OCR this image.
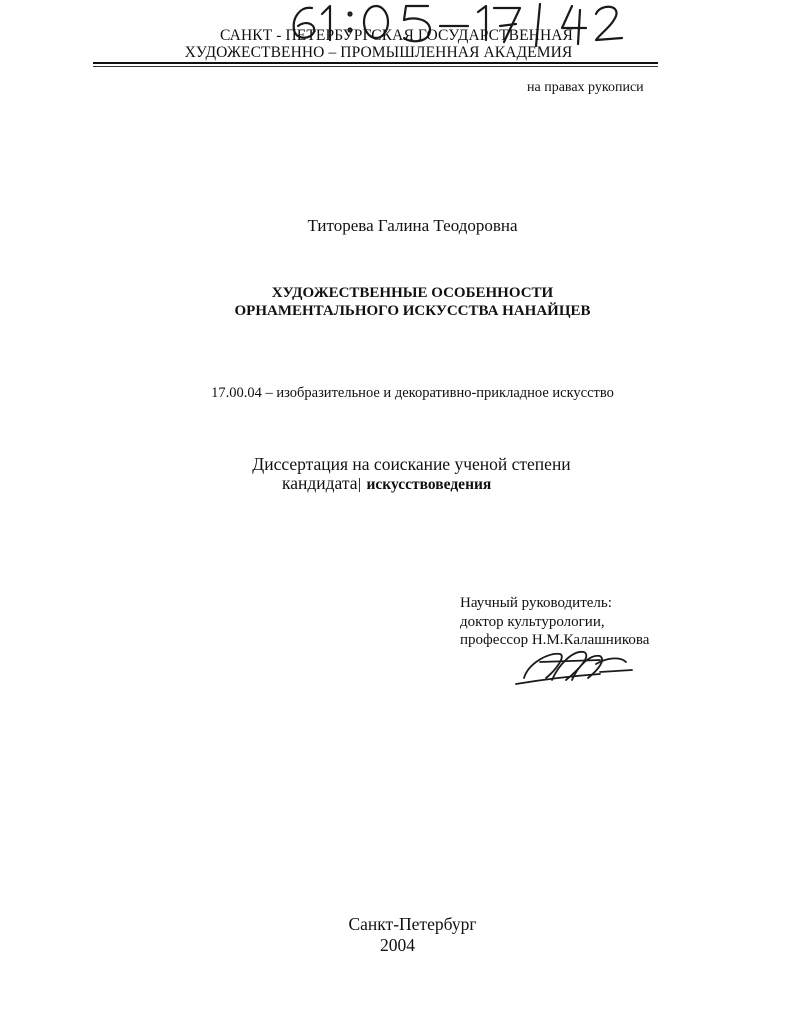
САНКТ - ПЕТЕРБУРГСКАЯ ГОСУДАРСТВЕННАЯ
ХУДОЖЕСТВЕННО – ПРОМЫШЛЕННАЯ АКАДЕМИЯ
на правах рукописи
Титорева Галина Теодоровна
ХУДОЖЕСТВЕННЫЕ ОСОБЕННОСТИ
ОРНАМЕНТАЛЬНОГО ИСКУССТВА НАНАЙЦЕВ
17.00.04 – изобразительное и декоративно-прикладное искусство
Диссертация на соискание ученой степени
кандидата искусствоведения
Научный руководитель:
доктор культурологии,
профессор Н.М.Калашникова
Санкт-Петербург
2004
